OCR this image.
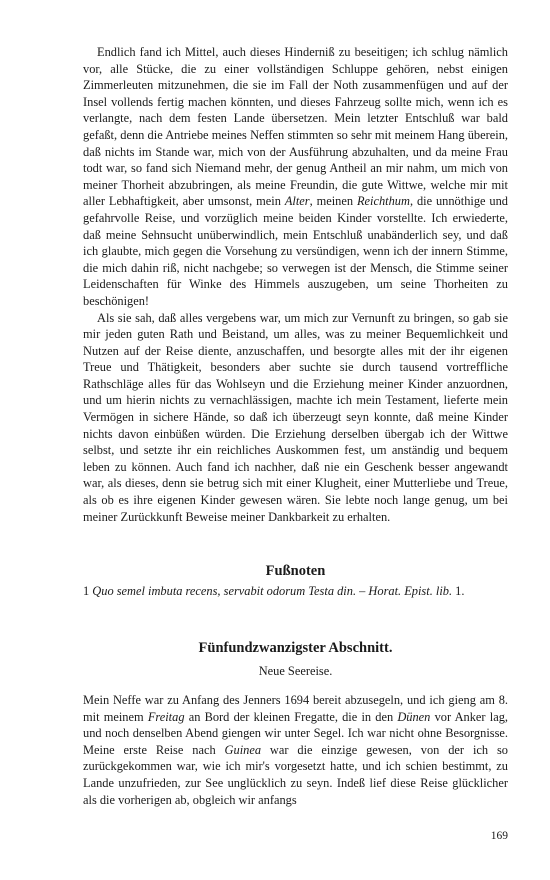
Endlich fand ich Mittel, auch dieses Hinderniß zu beseitigen; ich schlug nämlich vor, alle Stücke, die zu einer vollständigen Schluppe gehören, nebst einigen Zimmerleuten mitzunehmen, die sie im Fall der Noth zusammenfügen und auf der Insel vollends fertig machen könnten, und dieses Fahrzeug sollte mich, wenn ich es verlangte, nach dem festen Lande übersetzen. Mein letzter Entschluß war bald gefaßt, denn die Antriebe meines Neffen stimmten so sehr mit meinem Hang überein, daß nichts im Stande war, mich von der Ausführung abzuhalten, und da meine Frau todt war, so fand sich Niemand mehr, der genug Antheil an mir nahm, um mich von meiner Thorheit abzubringen, als meine Freundin, die gute Wittwe, welche mir mit aller Lebhaftigkeit, aber umsonst, mein Alter, meinen Reichthum, die unnöthige und gefahrvolle Reise, und vorzüglich meine beiden Kinder vorstellte. Ich erwiederte, daß meine Sehnsucht unüberwindlich, mein Entschluß unabänderlich sey, und daß ich glaubte, mich gegen die Vorsehung zu versündigen, wenn ich der innern Stimme, die mich dahin riß, nicht nachgebe; so verwegen ist der Mensch, die Stimme seiner Leidenschaften für Winke des Himmels auszugeben, um seine Thorheiten zu beschönigen!

Als sie sah, daß alles vergebens war, um mich zur Vernunft zu bringen, so gab sie mir jeden guten Rath und Beistand, um alles, was zu meiner Bequemlichkeit und Nutzen auf der Reise diente, anzuschaffen, und besorgte alles mit der ihr eigenen Treue und Thätigkeit, besonders aber suchte sie durch tausend vortreffliche Rathschläge alles für das Wohlseyn und die Erziehung meiner Kinder anzuordnen, und um hierin nichts zu vernachlässigen, machte ich mein Testament, lieferte mein Vermögen in sichere Hände, so daß ich überzeugt seyn konnte, daß meine Kinder nichts davon einbüßen würden. Die Erziehung derselben übergab ich der Wittwe selbst, und setzte ihr ein reichliches Auskommen fest, um anständig und bequem leben zu können. Auch fand ich nachher, daß nie ein Geschenk besser angewandt war, als dieses, denn sie betrug sich mit einer Klugheit, einer Mutterliebe und Treue, als ob es ihre eigenen Kinder gewesen wären. Sie lebte noch lange genug, um bei meiner Zurückkunft Beweise meiner Dankbarkeit zu erhalten.

Fußnoten

1 Quo semel imbuta recens, servabit odorum Testa din. – Horat. Epist. lib. 1.

Fünfundzwanzigster Abschnitt.

Neue Seereise.

Mein Neffe war zu Anfang des Jenners 1694 bereit abzusegeln, und ich gieng am 8. mit meinem Freitag an Bord der kleinen Fregatte, die in den Dünen vor Anker lag, und noch denselben Abend giengen wir unter Segel. Ich war nicht ohne Besorgnisse. Meine erste Reise nach Guinea war die einzige gewesen, von der ich so zurückgekommen war, wie ich mir's vorgesetzt hatte, und ich schien bestimmt, zu Lande unzufrieden, zur See unglücklich zu seyn. Indeß lief diese Reise glücklicher als die vorherigen ab, obgleich wir anfangs

169
